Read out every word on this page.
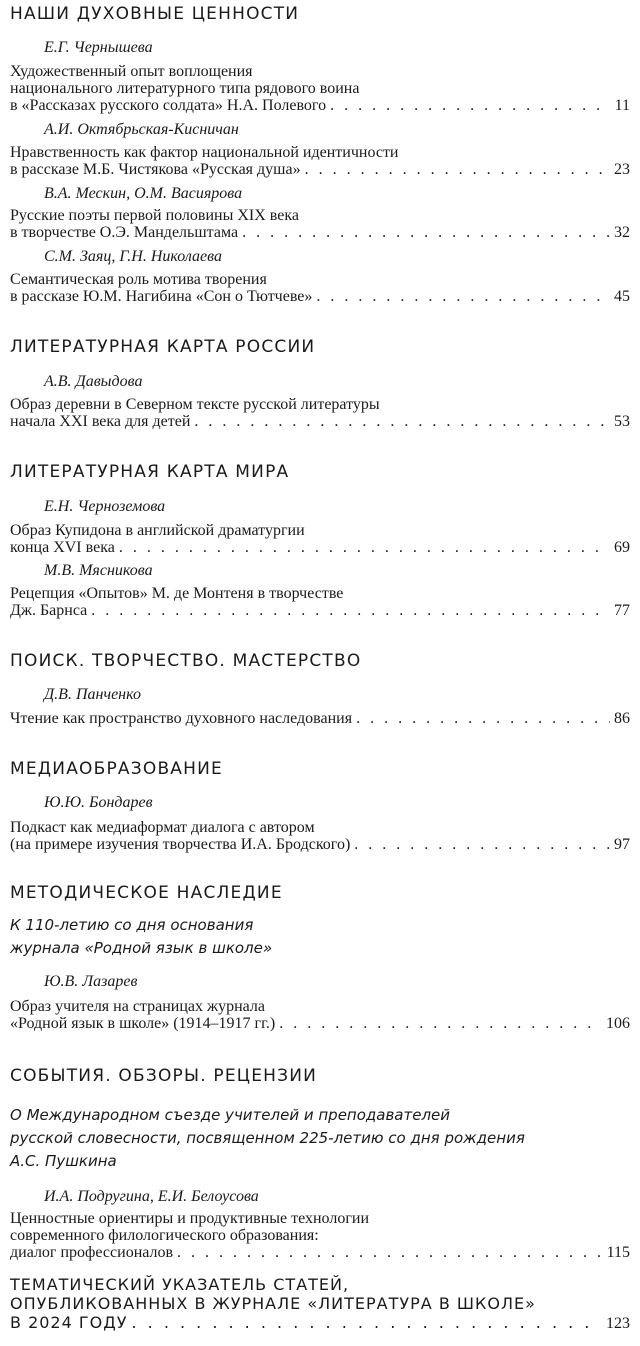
НАШИ ДУХОВНЫЕ ЦЕННОСТИ
Е.Г. Чернышева
Художественный опыт воплощения
национального литературного типа рядового воина
в «Рассказах русского солдата» Н.А. Полевого . . .	11
А.И. Октябрьская-Кисничан
Нравственность как фактор национальной идентичности
в рассказе М.Б. Чистякова «Русская душа» . . .	23
В.А. Мескин, О.М. Васиярова
Русские поэты первой половины XIX века
в творчестве О.Э. Мандельштама . . .	32
С.М. Заяц, Г.Н. Николаева
Семантическая роль мотива творения
в рассказе Ю.М. Нагибина «Сон о Тютчеве» . . .	45
ЛИТЕРАТУРНАЯ КАРТА РОССИИ
А.В. Давыдова
Образ деревни в Северном тексте русской литературы
начала XXI века для детей . . .	53
ЛИТЕРАТУРНАЯ КАРТА МИРА
Е.Н. Черноземова
Образ Купидона в английской драматургии
конца XVI века . . .	69
М.В. Мясникова
Рецепция «Опытов» М. де Монтеня в творчестве
Дж. Барнса . . .	77
ПОИСК. ТВОРЧЕСТВО. МАСТЕРСТВО
Д.В. Панченко
Чтение как пространство духовного наследования . . .	86
МЕДИАОБРАЗОВАНИЕ
Ю.Ю. Бондарев
Подкаст как медиаформат диалога с автором
(на примере изучения творчества И.А. Бродского) . . .	97
МЕТОДИЧЕСКОЕ НАСЛЕДИЕ
К 110-летию со дня основания
журнала «Родной язык в школе»
Ю.В. Лазарев
Образ учителя на страницах журнала
«Родной язык в школе» (1914–1917 гг.) . . .	106
СОБЫТИЯ. ОБЗОРЫ. РЕЦЕНЗИИ
О Международном съезде учителей и преподавателей
русской словесности, посвященном 225-летию со дня рождения
А.С. Пушкина
И.А. Подругина, Е.И. Белоусова
Ценностные ориентиры и продуктивные технологии
современного филологического образования:
диалог профессионалов . . .	115
ТЕМАТИЧЕСКИЙ УКАЗАТЕЛЬ СТАТЕЙ,
ОПУБЛИКОВАННЫХ В ЖУРНАЛЕ «ЛИТЕРАТУРА В ШКОЛЕ»
В 2024 ГОДУ . . .	123
